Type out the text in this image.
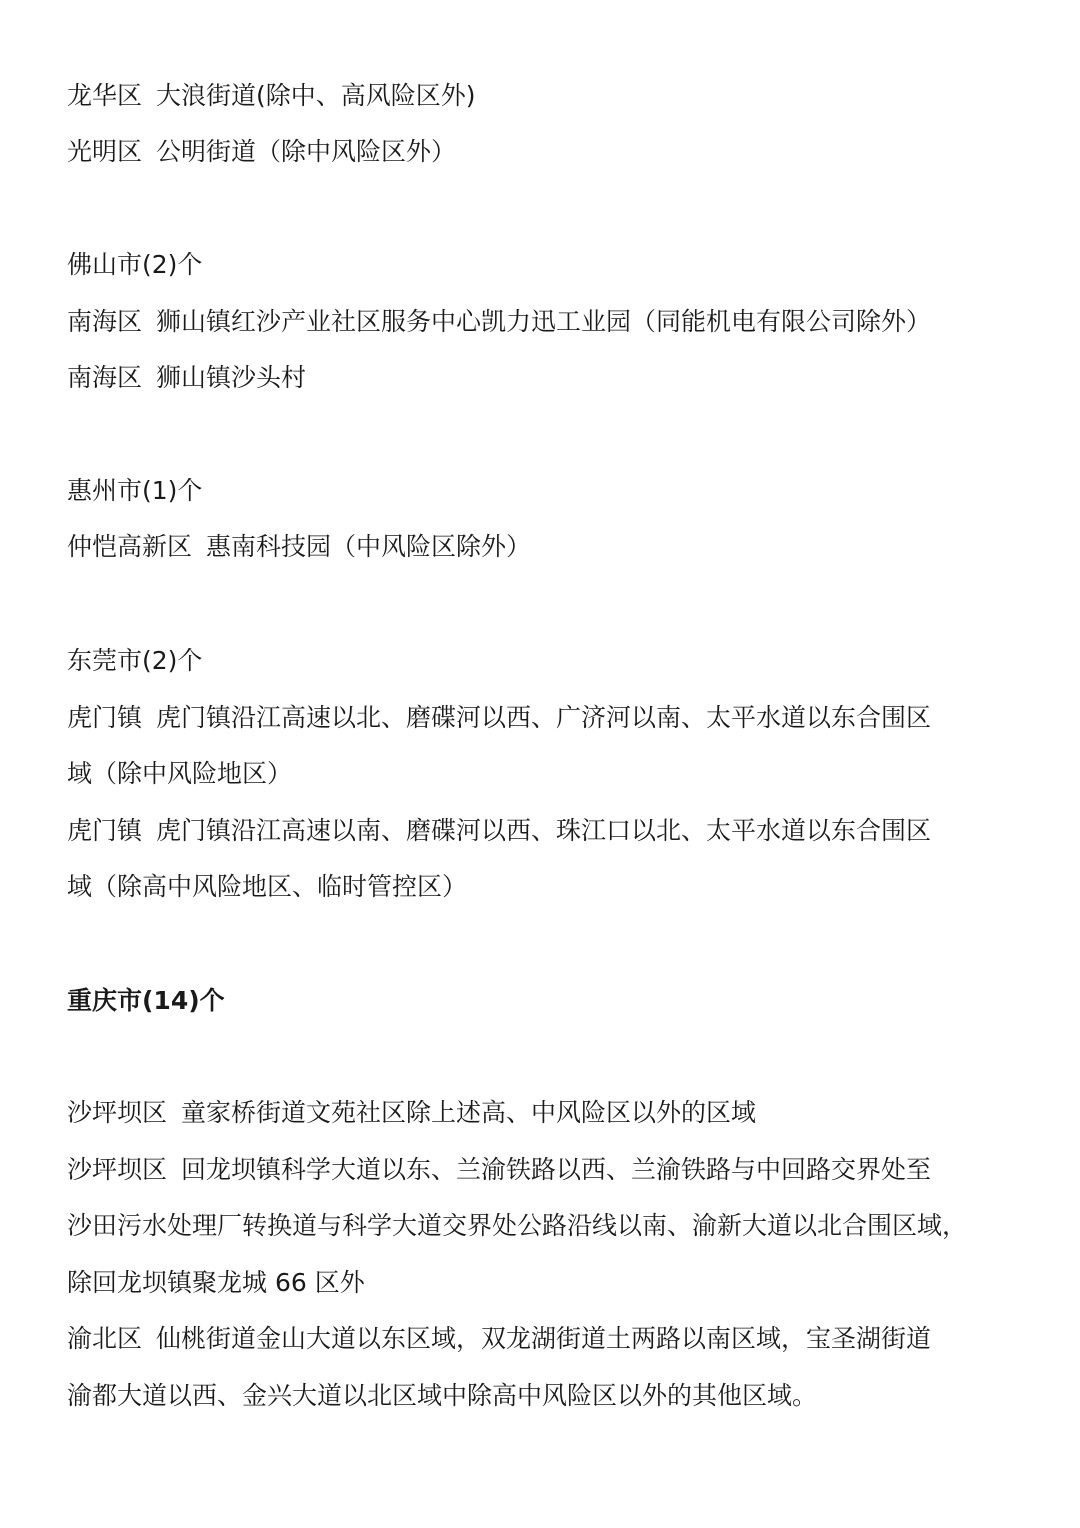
龙华区 大浪街道(除中、高风险区外)
光明区 公明街道（除中风险区外）
佛山市(2)个
南海区 狮山镇红沙产业社区服务中心凯力迅工业园（同能机电有限公司除外）
南海区 狮山镇沙头村
惠州市(1)个
仲恺高新区 惠南科技园（中风险区除外）
东莞市(2)个
虎门镇 虎门镇沿江高速以北、磨碟河以西、广济河以南、太平水道以东合围区
域（除中风险地区）
虎门镇 虎门镇沿江高速以南、磨碟河以西、珠江口以北、太平水道以东合围区
域（除高中风险地区、临时管控区）
重庆市(14)个
沙坪坝区 童家桥街道文苑社区除上述高、中风险区以外的区域
沙坪坝区 回龙坝镇科学大道以东、兰渝铁路以西、兰渝铁路与中回路交界处至
沙田污水处理厂转换道与科学大道交界处公路沿线以南、渝新大道以北合围区域，
除回龙坝镇聚龙城 66 区外
渝北区 仙桃街道金山大道以东区域，双龙湖街道土两路以南区域，宝圣湖街道
渝都大道以西、金兴大道以北区域中除高中风险区以外的其他区域。
